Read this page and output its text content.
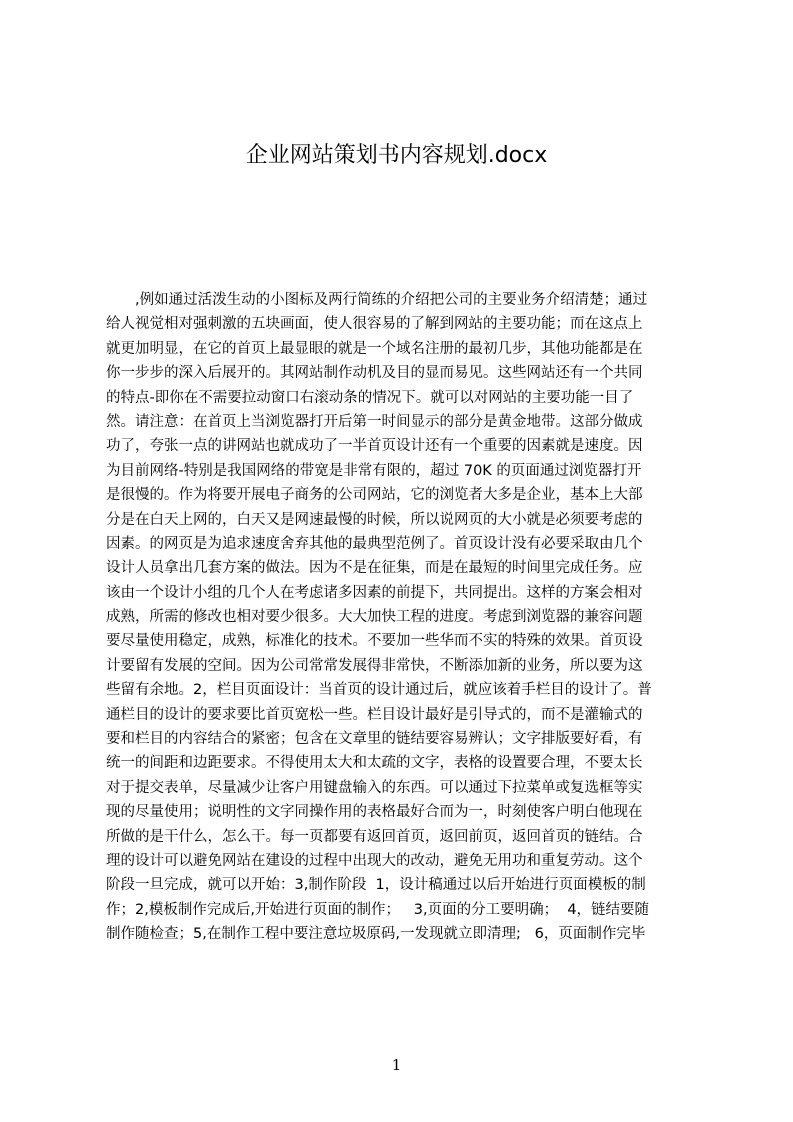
企业网站策划书内容规划.docx
　　,例如通过活泼生动的小图标及两行简练的介绍把公司的主要业务介绍清楚；通过
给人视觉相对强刺激的五块画面，使人很容易的了解到网站的主要功能；而在这点上
就更加明显，在它的首页上最显眼的就是一个域名注册的最初几步，其他功能都是在
你一步步的深入后展开的。其网站制作动机及目的显而易见。这些网站还有一个共同
的特点-即你在不需要拉动窗口右滚动条的情况下。就可以对网站的主要功能一目了
然。请注意：在首页上当浏览器打开后第一时间显示的部分是黄金地带。这部分做成
功了，夸张一点的讲网站也就成功了一半首页设计还有一个重要的因素就是速度。因
为目前网络-特别是我国网络的带宽是非常有限的，超过 70K 的页面通过浏览器打开
是很慢的。作为将要开展电子商务的公司网站，它的浏览者大多是企业，基本上大部
分是在白天上网的，白天又是网速最慢的时候，所以说网页的大小就是必须要考虑的
因素。的网页是为追求速度舍弃其他的最典型范例了。首页设计没有必要采取由几个
设计人员拿出几套方案的做法。因为不是在征集，而是在最短的时间里完成任务。应
该由一个设计小组的几个人在考虑诸多因素的前提下，共同提出。这样的方案会相对
成熟，所需的修改也相对要少很多。大大加快工程的进度。考虑到浏览器的兼容问题
要尽量使用稳定，成熟，标准化的技术。不要加一些华而不实的特殊的效果。首页设
计要留有发展的空间。因为公司常常发展得非常快，不断添加新的业务，所以要为这
些留有余地。2，栏目页面设计：当首页的设计通过后，就应该着手栏目的设计了。普
通栏目的设计的要求要比首页宽松一些。栏目设计最好是引导式的，而不是灌输式的
要和栏目的内容结合的紧密；包含在文章里的链结要容易辨认；文字排版要好看，有
统一的间距和边距要求。不得使用太大和太疏的文字，表格的设置要合理，不要太长
对于提交表单，尽量减少让客户用键盘输入的东西。可以通过下拉菜单或复选框等实
现的尽量使用；说明性的文字同操作用的表格最好合而为一，时刻使客户明白他现在
所做的是干什么，怎么干。每一页都要有返回首页，返回前页，返回首页的链结。合
理的设计可以避免网站在建设的过程中出现大的改动，避免无用功和重复劳动。这个
阶段一旦完成，就可以开始：3,制作阶段  1，设计稿通过以后开始进行页面模板的制
作；2,模板制作完成后,开始进行页面的制作；   3,页面的分工要明确；  4，链结要随
制作随检查；5,在制作工程中要注意垃圾原码,一发现就立即清理;   6，页面制作完毕
1
